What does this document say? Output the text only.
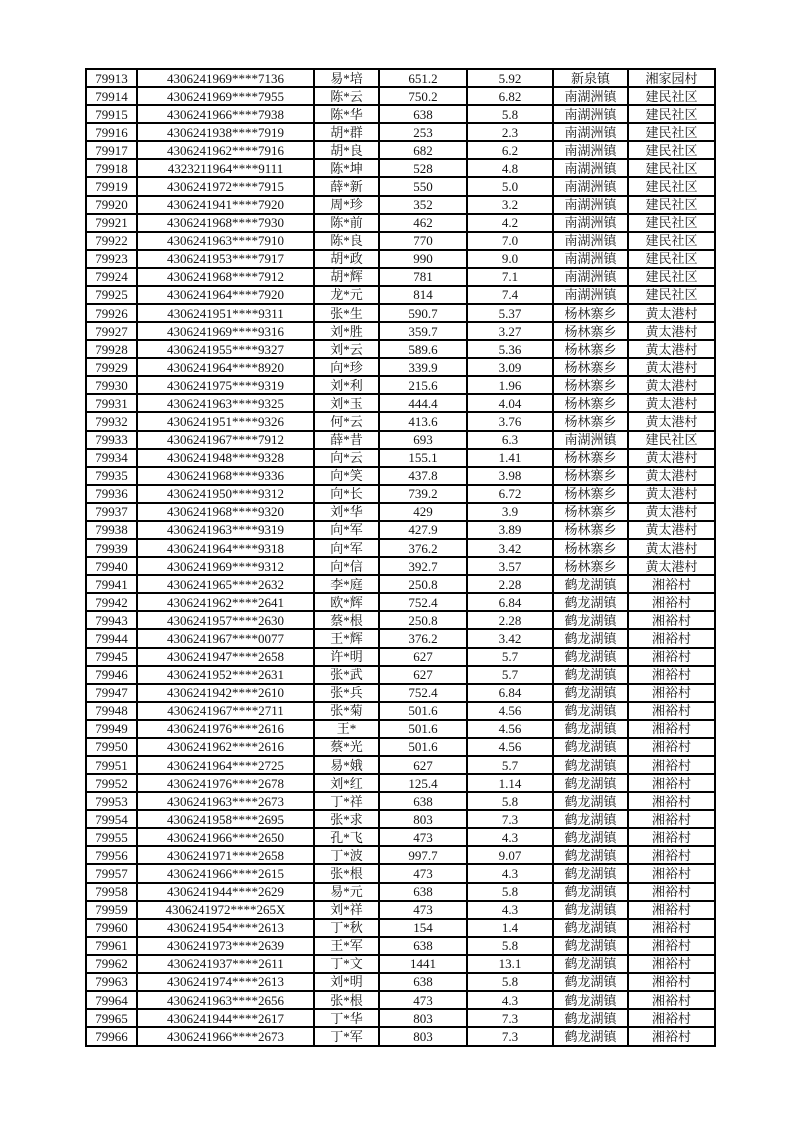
79913	4306241969****7136	易*培	651.2	5.92	新泉镇	湘家园村
79914	4306241969****7955	陈*云	750.2	6.82	南湖洲镇	建民社区
79915	4306241966****7938	陈*华	638	5.8	南湖洲镇	建民社区
79916	4306241938****7919	胡*群	253	2.3	南湖洲镇	建民社区
79917	4306241962****7916	胡*良	682	6.2	南湖洲镇	建民社区
79918	4323211964****9111	陈*坤	528	4.8	南湖洲镇	建民社区
79919	4306241972****7915	薛*新	550	5.0	南湖洲镇	建民社区
79920	4306241941****7920	周*珍	352	3.2	南湖洲镇	建民社区
79921	4306241968****7930	陈*前	462	4.2	南湖洲镇	建民社区
79922	4306241963****7910	陈*良	770	7.0	南湖洲镇	建民社区
79923	4306241953****7917	胡*政	990	9.0	南湖洲镇	建民社区
79924	4306241968****7912	胡*辉	781	7.1	南湖洲镇	建民社区
79925	4306241964****7920	龙*元	814	7.4	南湖洲镇	建民社区
79926	4306241951****9311	张*生	590.7	5.37	杨林寨乡	黄太港村
79927	4306241969****9316	刘*胜	359.7	3.27	杨林寨乡	黄太港村
79928	4306241955****9327	刘*云	589.6	5.36	杨林寨乡	黄太港村
79929	4306241964****8920	向*珍	339.9	3.09	杨林寨乡	黄太港村
79930	4306241975****9319	刘*利	215.6	1.96	杨林寨乡	黄太港村
79931	4306241963****9325	刘*玉	444.4	4.04	杨林寨乡	黄太港村
79932	4306241951****9326	何*云	413.6	3.76	杨林寨乡	黄太港村
79933	4306241967****7912	薛*昔	693	6.3	南湖洲镇	建民社区
79934	4306241948****9328	向*云	155.1	1.41	杨林寨乡	黄太港村
79935	4306241968****9336	向*笑	437.8	3.98	杨林寨乡	黄太港村
79936	4306241950****9312	向*长	739.2	6.72	杨林寨乡	黄太港村
79937	4306241968****9320	刘*华	429	3.9	杨林寨乡	黄太港村
79938	4306241963****9319	向*军	427.9	3.89	杨林寨乡	黄太港村
79939	4306241964****9318	向*军	376.2	3.42	杨林寨乡	黄太港村
79940	4306241969****9312	向*信	392.7	3.57	杨林寨乡	黄太港村
79941	4306241965****2632	李*庭	250.8	2.28	鹤龙湖镇	湘裕村
79942	4306241962****2641	欧*辉	752.4	6.84	鹤龙湖镇	湘裕村
79943	4306241957****2630	蔡*根	250.8	2.28	鹤龙湖镇	湘裕村
79944	4306241967****0077	王*辉	376.2	3.42	鹤龙湖镇	湘裕村
79945	4306241947****2658	许*明	627	5.7	鹤龙湖镇	湘裕村
79946	4306241952****2631	张*武	627	5.7	鹤龙湖镇	湘裕村
79947	4306241942****2610	张*兵	752.4	6.84	鹤龙湖镇	湘裕村
79948	4306241967****2711	张*菊	501.6	4.56	鹤龙湖镇	湘裕村
79949	4306241976****2616	王*	501.6	4.56	鹤龙湖镇	湘裕村
79950	4306241962****2616	蔡*光	501.6	4.56	鹤龙湖镇	湘裕村
79951	4306241964****2725	易*娥	627	5.7	鹤龙湖镇	湘裕村
79952	4306241976****2678	刘*红	125.4	1.14	鹤龙湖镇	湘裕村
79953	4306241963****2673	丁*祥	638	5.8	鹤龙湖镇	湘裕村
79954	4306241958****2695	张*求	803	7.3	鹤龙湖镇	湘裕村
79955	4306241966****2650	孔*飞	473	4.3	鹤龙湖镇	湘裕村
79956	4306241971****2658	丁*波	997.7	9.07	鹤龙湖镇	湘裕村
79957	4306241966****2615	张*根	473	4.3	鹤龙湖镇	湘裕村
79958	4306241944****2629	易*元	638	5.8	鹤龙湖镇	湘裕村
79959	4306241972****265X	刘*祥	473	4.3	鹤龙湖镇	湘裕村
79960	4306241954****2613	丁*秋	154	1.4	鹤龙湖镇	湘裕村
79961	4306241973****2639	王*军	638	5.8	鹤龙湖镇	湘裕村
79962	4306241937****2611	丁*文	1441	13.1	鹤龙湖镇	湘裕村
79963	4306241974****2613	刘*明	638	5.8	鹤龙湖镇	湘裕村
79964	4306241963****2656	张*根	473	4.3	鹤龙湖镇	湘裕村
79965	4306241944****2617	丁*华	803	7.3	鹤龙湖镇	湘裕村
79966	4306241966****2673	丁*军	803	7.3	鹤龙湖镇	湘裕村
